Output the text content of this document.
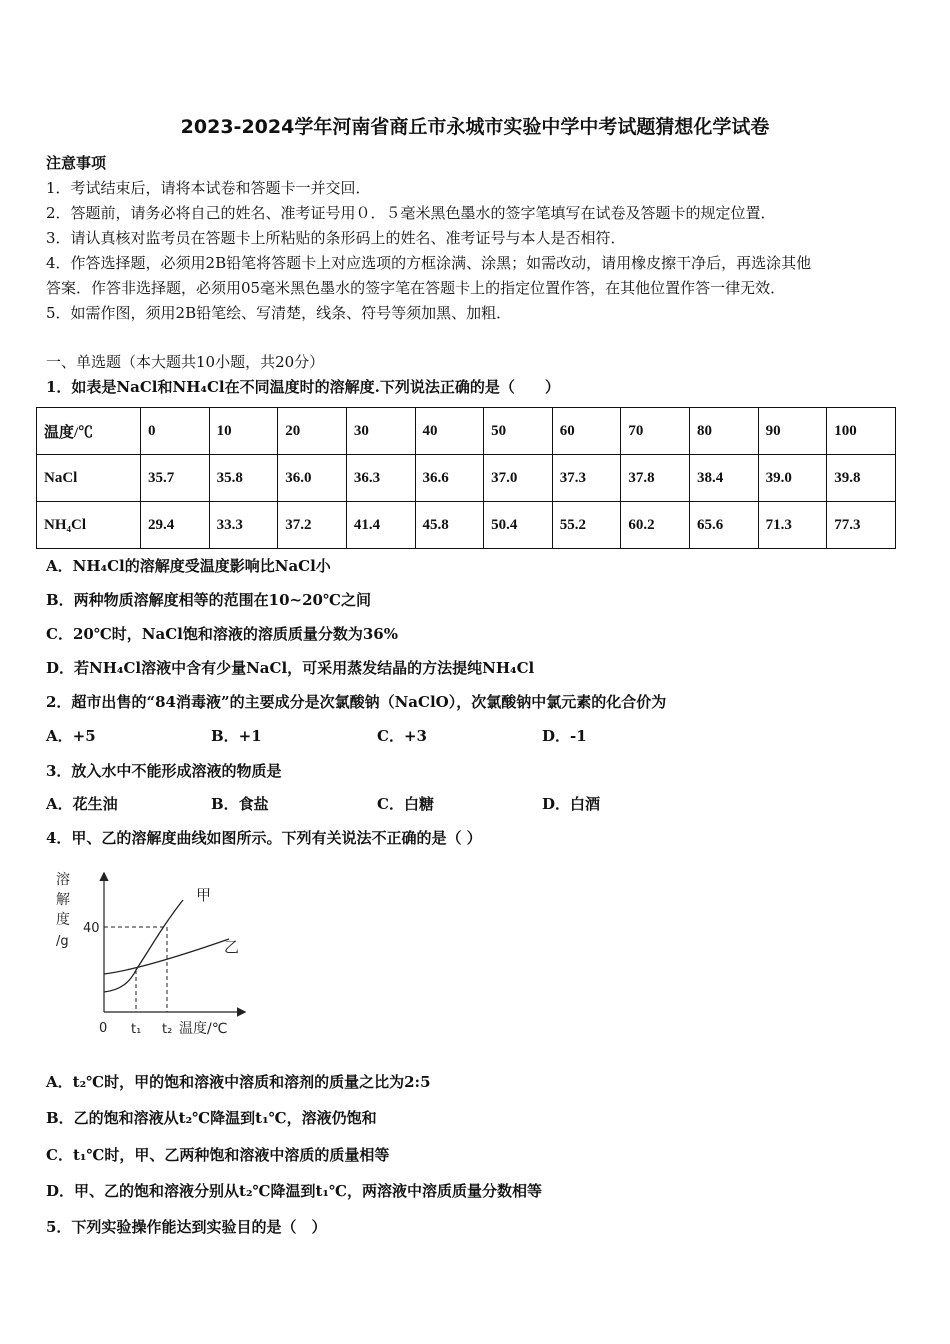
2023-2024学年河南省商丘市永城市实验中学中考试题猜想化学试卷
注意事项
1．考试结束后，请将本试卷和答题卡一并交回．
2．答题前，请务必将自己的姓名、准考证号用０．５毫米黑色墨水的签字笔填写在试卷及答题卡的规定位置．
3．请认真核对监考员在答题卡上所粘贴的条形码上的姓名、准考证号与本人是否相符．
4．作答选择题，必须用2B铅笔将答题卡上对应选项的方框涂满、涂黑；如需改动，请用橡皮擦干净后，再选涂其他
答案．作答非选择题，必须用05毫米黑色墨水的签字笔在答题卡上的指定位置作答，在其他位置作答一律无效．
5．如需作图，须用2B铅笔绘、写清楚，线条、符号等须加黑、加粗．
一、单选题（本大题共10小题，共20分）
1．如表是NaCl和NH₄Cl在不同温度时的溶解度.下列说法正确的是（　　）
温度/℃	0	10	20	30	40	50	60	70	80	90	100
NaCl	35.7	35.8	36.0	36.3	36.6	37.0	37.3	37.8	38.4	39.0	39.8
NH₄Cl	29.4	33.3	37.2	41.4	45.8	50.4	55.2	60.2	65.6	71.3	77.3
A．NH₄Cl的溶解度受温度影响比NaCl小
B．两种物质溶解度相等的范围在10~20℃之间
C．20℃时，NaCl饱和溶液的溶质质量分数为36%
D．若NH₄Cl溶液中含有少量NaCl，可采用蒸发结晶的方法提纯NH₄Cl
2．超市出售的“84消毒液”的主要成分是次氯酸钠（NaClO），次氯酸钠中氯元素的化合价为
A．+5	B．+1	C．+3	D．-1
3．放入水中不能形成溶液的物质是
A．花生油	B．食盐	C．白糖	D．白酒
4．甲、乙的溶解度曲线如图所示。下列有关说法不正确的是（ ）
溶
解
度
/g
40
0 t₁ t₂ 温度/℃
甲
乙
A．t₂℃时，甲的饱和溶液中溶质和溶剂的质量之比为2:5
B．乙的饱和溶液从t₂℃降温到t₁℃，溶液仍饱和
C．t₁℃时，甲、乙两种饱和溶液中溶质的质量相等
D．甲、乙的饱和溶液分别从t₂℃降温到t₁℃，两溶液中溶质质量分数相等
5．下列实验操作能达到实验目的是（　）
